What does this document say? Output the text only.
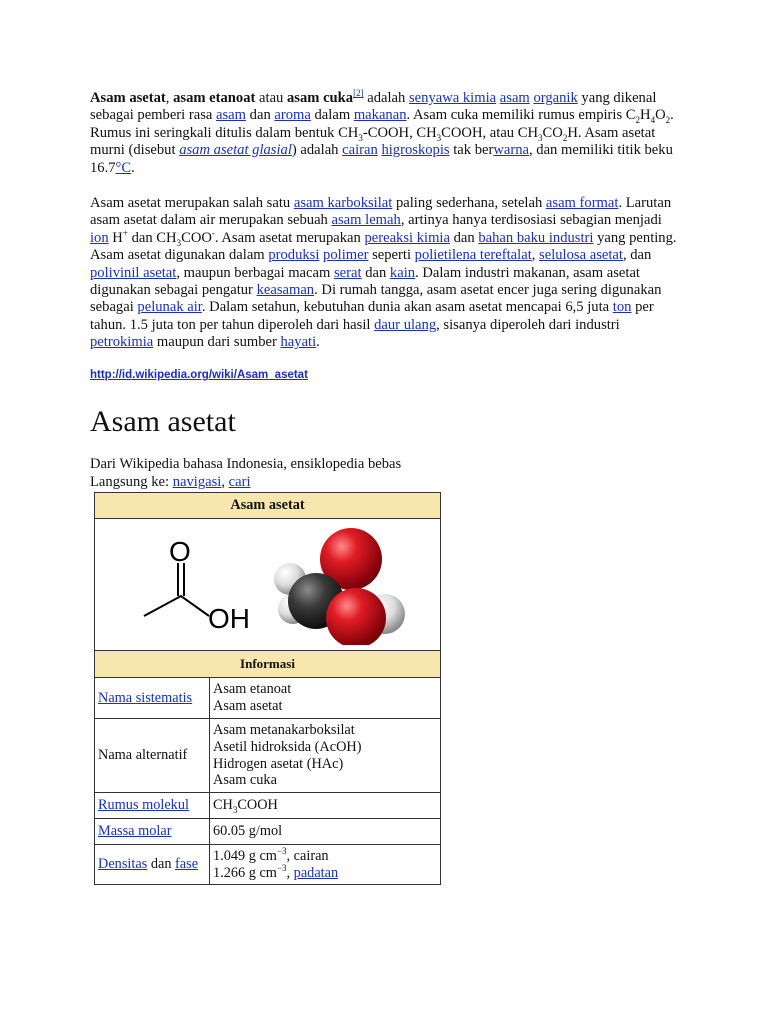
Asam asetat, asam etanoat atau asam cuka[2] adalah senyawa kimia asam organik yang dikenal sebagai pemberi rasa asam dan aroma dalam makanan. Asam cuka memiliki rumus empiris $C_2H_4O_2$. Rumus ini seringkali ditulis dalam bentuk $CH_3$-COOH, $CH_3COOH$, atau $CH_3CO_2H$. Asam asetat murni (disebut asam asetat glasial) adalah cairan higroskopis tak berwarna, dan memiliki titik beku 16.7°C.

Asam asetat merupakan salah satu asam karboksilat paling sederhana, setelah asam format. Larutan asam asetat dalam air merupakan sebuah asam lemah, artinya hanya terdisosiasi sebagian menjadi ion H+ dan $CH_3COO^-$. Asam asetat merupakan pereaksi kimia dan bahan baku industri yang penting. Asam asetat digunakan dalam produksi polimer seperti polietilena tereftalat, selulosa asetat, dan polivinil asetat, maupun berbagai macam serat dan kain. Dalam industri makanan, asam asetat digunakan sebagai pengatur keasaman. Di rumah tangga, asam asetat encer juga sering digunakan sebagai pelunak air. Dalam setahun, kebutuhan dunia akan asam asetat mencapai 6,5 juta ton per tahun. 1.5 juta ton per tahun diperoleh dari hasil daur ulang, sisanya diperoleh dari industri petrokimia maupun dari sumber hayati.

http://id.wikipedia.org/wiki/Asam_asetat
Asam asetat
Dari Wikipedia bahasa Indonesia, ensiklopedia bebas
Langsung ke: navigasi, cari
Asam asetat	

O
OH	

Informasi	
Nama sistematis	Asam etanoat
Asam asetat
Nama alternatif	Asam metanakarboksilat
Asetil hidroksida (AcOH)
Hidrogen asetat (HAc)
Asam cuka
Rumus molekul	$CH_3COOH$
Massa molar	60.05 g/mol
Densitas dan fase	1.049 g $cm^{-3}$, cairan
1.266 g $cm^{-3}$, padatan
